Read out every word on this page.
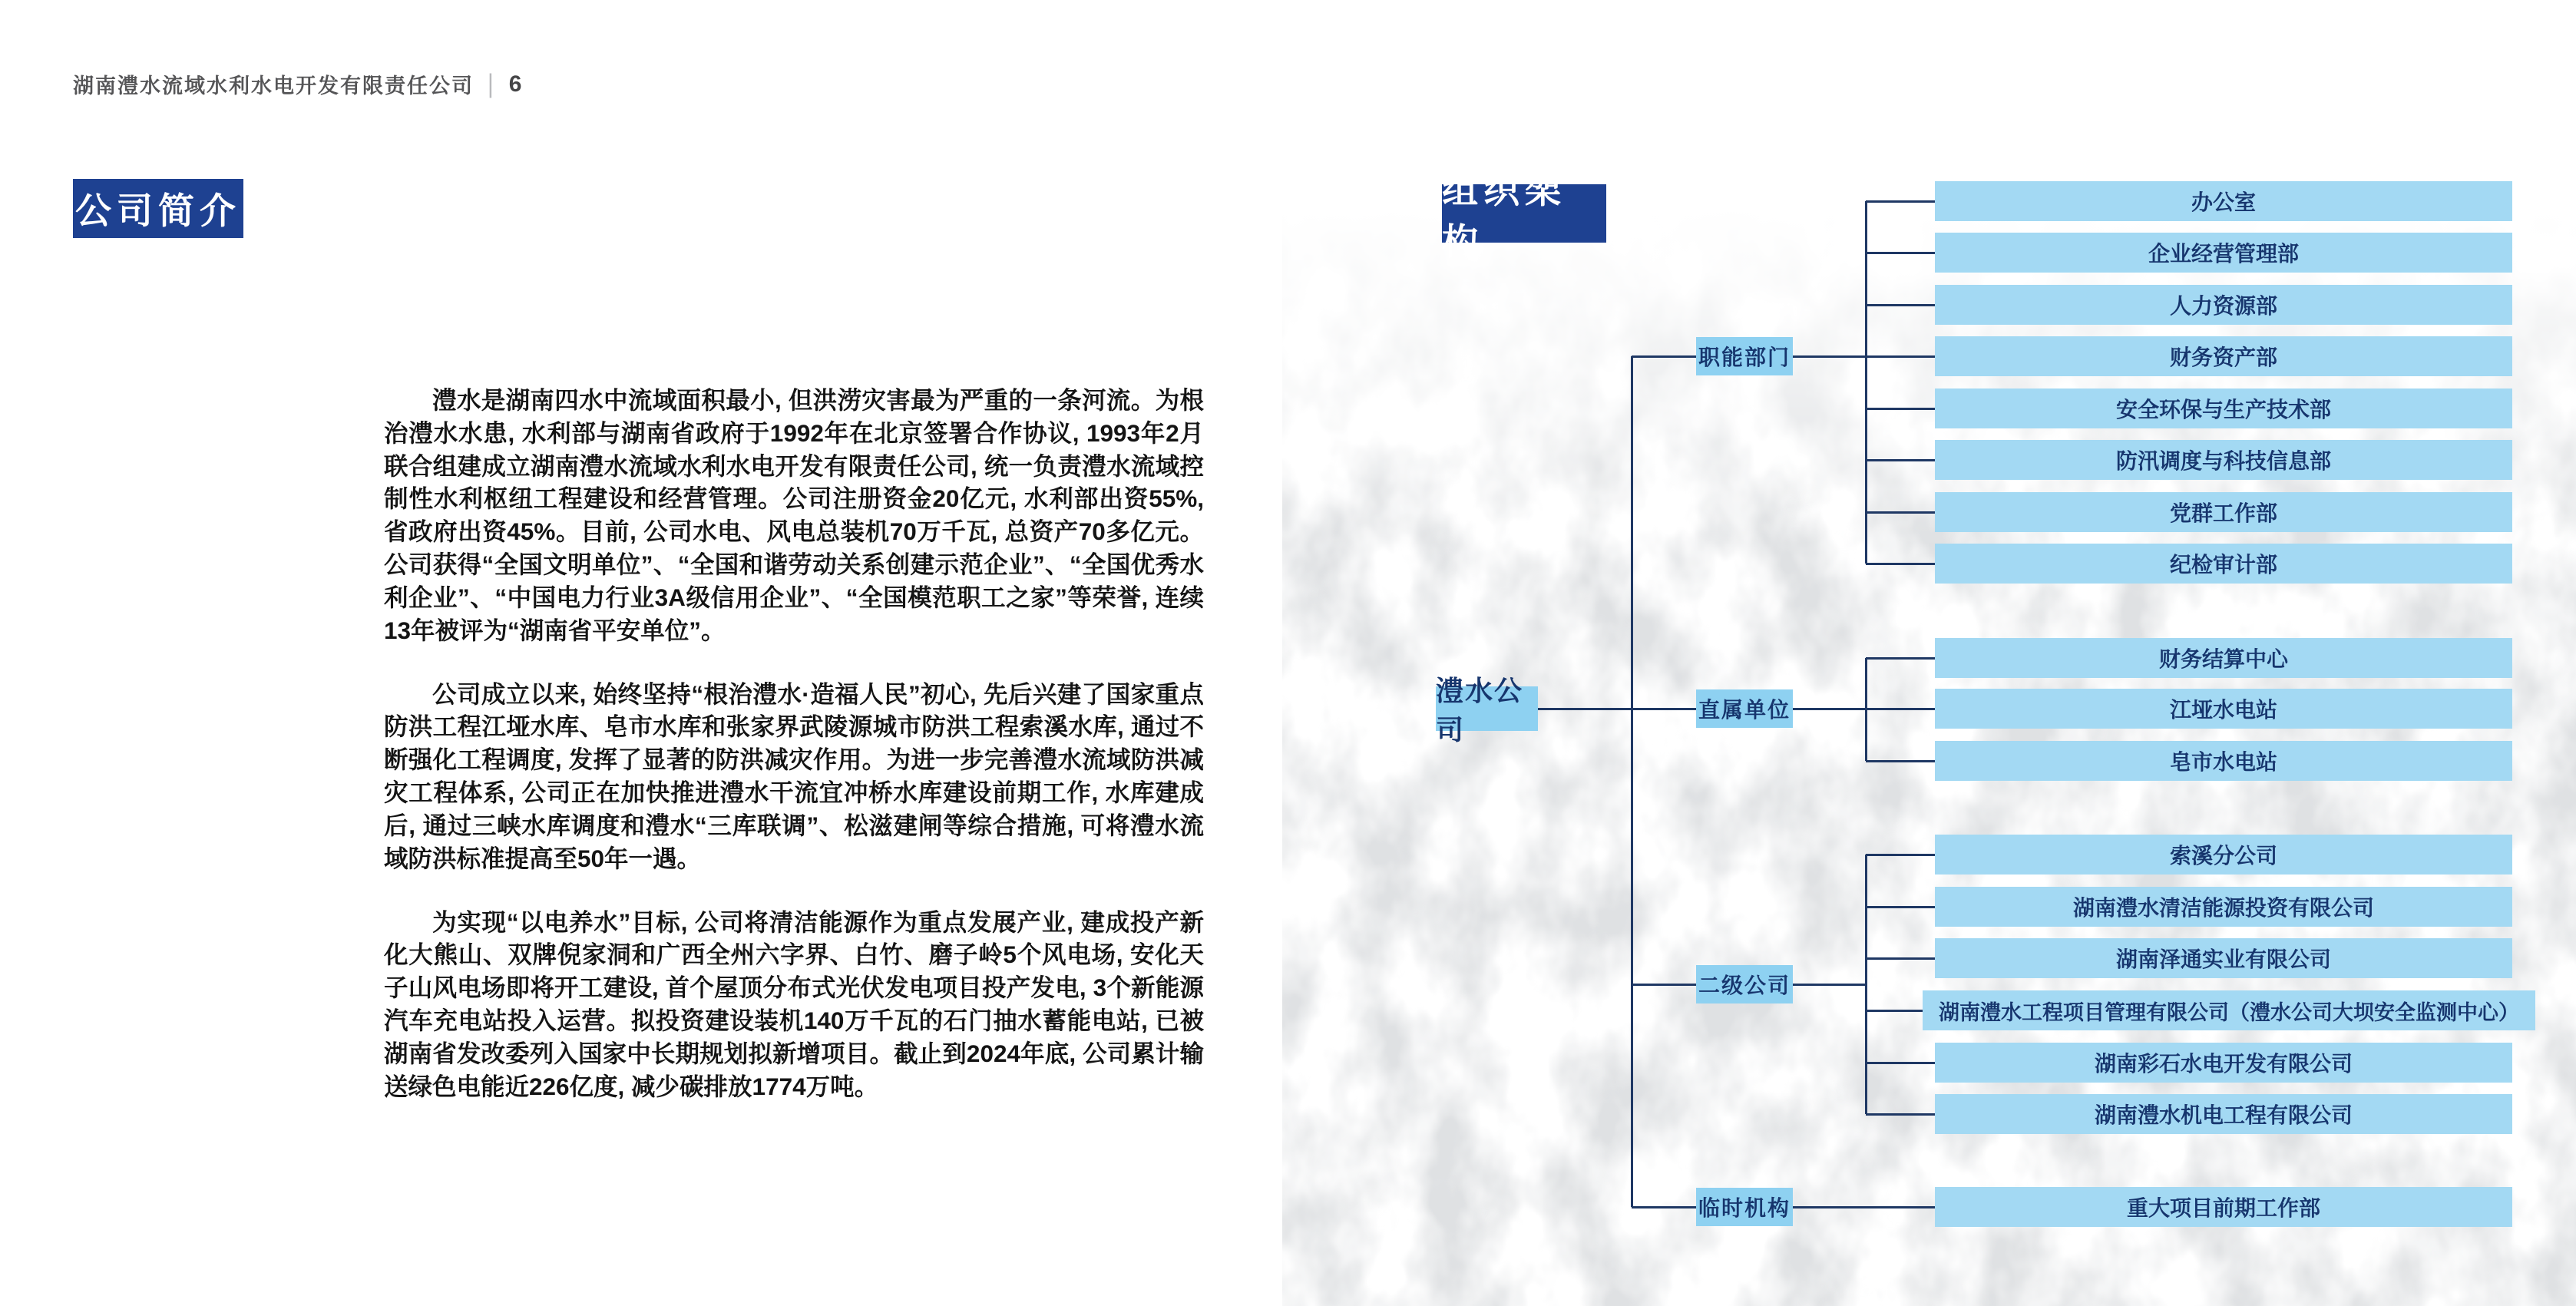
湖南澧水流域水利水电开发有限责任公司 | 6
公司简介
组织架构

澧水是湖南四水中流域面积最小, 但洪涝灾害最为严重的一条河流。为根治澧水水患, 水利部与湖南省政府于1992年在北京签署合作协议, 1993年2月联合组建成立湖南澧水流域水利水电开发有限责任公司, 统一负责澧水流域控制性水利枢纽工程建设和经营管理。公司注册资金20亿元, 水利部出资55%, 省政府出资45%。目前, 公司水电、风电总装机70万千瓦, 总资产70多亿元。公司获得“全国文明单位”、“全国和谐劳动关系创建示范企业”、“全国优秀水利企业”、“中国电力行业3A级信用企业”、“全国模范职工之家”等荣誉, 连续13年被评为“湖南省平安单位”。

公司成立以来, 始终坚持“根治澧水·造福人民”初心, 先后兴建了国家重点防洪工程江垭水库、皂市水库和张家界武陵源城市防洪工程索溪水库, 通过不断强化工程调度, 发挥了显著的防洪减灾作用。为进一步完善澧水流域防洪减灾工程体系, 公司正在加快推进澧水干流宜冲桥水库建设前期工作, 水库建成后, 通过三峡水库调度和澧水“三库联调”、松滋建闸等综合措施, 可将澧水流域防洪标准提高至50年一遇。

为实现“以电养水”目标, 公司将清洁能源作为重点发展产业, 建成投产新化大熊山、双牌倪家洞和广西全州六字界、白竹、磨子岭5个风电场, 安化天子山风电场即将开工建设, 首个屋顶分布式光伏发电项目投产发电, 3个新能源汽车充电站投入运营。拟投资建设装机140万千瓦的石门抽水蓄能电站, 已被湖南省发改委列入国家中长期规划拟新增项目。截止到2024年底, 公司累计输送绿色电能近226亿度, 减少碳排放1774万吨。

职能部门
办公室
企业经营管理部
人力资源部
财务资产部
安全环保与生产技术部
防汛调度与科技信息部
党群工作部
纪检审计部
直属单位
财务结算中心
江垭水电站
皂市水电站
二级公司
索溪分公司
湖南澧水清洁能源投资有限公司
湖南泽通实业有限公司
湖南澧水工程项目管理有限公司（澧水公司大坝安全监测中心）
湖南彩石水电开发有限公司
湖南澧水机电工程有限公司
临时机构	重大项目前期工作部
澧水公司
